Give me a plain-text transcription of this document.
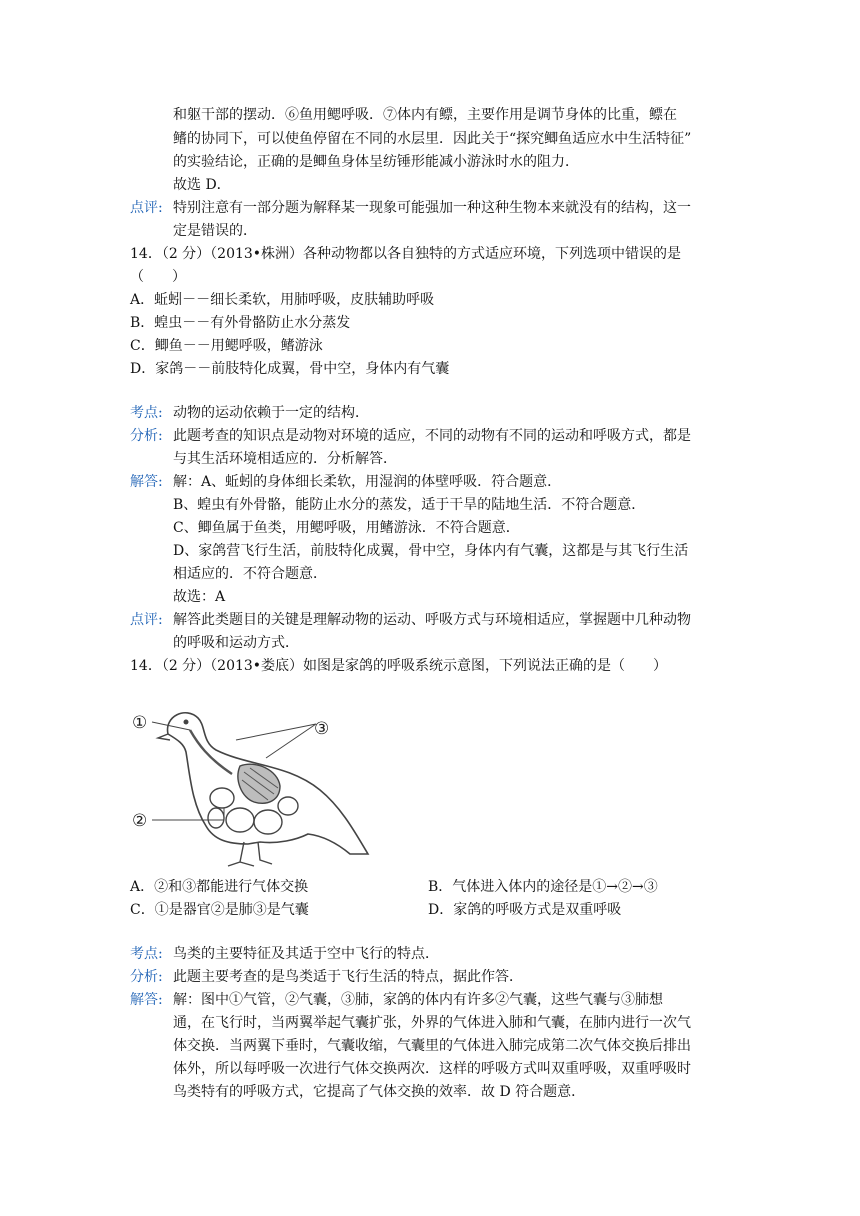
和躯干部的摆动．⑥鱼用鳃呼吸．⑦体内有鳔，主要作用是调节身体的比重，鳔在
鳍的协同下，可以使鱼停留在不同的水层里．因此关于“探究鲫鱼适应水中生活特征”
的实验结论，正确的是鲫鱼身体呈纺锤形能减小游泳时水的阻力．
故选 D．
点评: 特别注意有一部分题为解释某一现象可能强加一种这种生物本来就没有的结构，这一
定是错误的．
14．（2 分）（2013•株洲）各种动物都以各自独特的方式适应环境，下列选项中错误的是
（　　）
A．蚯蚓－－细长柔软，用肺呼吸，皮肤辅助呼吸
B．蝗虫－－有外骨骼防止水分蒸发
C．鲫鱼－－用鳃呼吸，鳍游泳
D．家鸽－－前肢特化成翼，骨中空，身体内有气囊
考点: 动物的运动依赖于一定的结构．
分析: 此题考查的知识点是动物对环境的适应，不同的动物有不同的运动和呼吸方式，都是
与其生活环境相适应的．分析解答．
解答: 解：A、蚯蚓的身体细长柔软，用湿润的体壁呼吸．符合题意．
B、蝗虫有外骨骼，能防止水分的蒸发，适于干旱的陆地生活．不符合题意．
C、鲫鱼属于鱼类，用鳃呼吸，用鳍游泳．不符合题意．
D、家鸽营飞行生活，前肢特化成翼，骨中空，身体内有气囊，这都是与其飞行生活
相适应的．不符合题意．
故选：A
点评: 解答此类题目的关键是理解动物的运动、呼吸方式与环境相适应，掌握题中几种动物
的呼吸和运动方式．
14．（2 分）（2013•娄底）如图是家鸽的呼吸系统示意图，下列说法正确的是（　　）
①
②
③
A．②和③都能进行气体交换	B．气体进入体内的途径是①→②→③
C．①是器官②是肺③是气囊	D．家鸽的呼吸方式是双重呼吸
考点: 鸟类的主要特征及其适于空中飞行的特点．
分析: 此题主要考查的是鸟类适于飞行生活的特点，据此作答．
解答: 解：图中①气管，②气囊，③肺，家鸽的体内有许多②气囊，这些气囊与③肺想
通，在飞行时，当两翼举起气囊扩张，外界的气体进入肺和气囊，在肺内进行一次气
体交换．当两翼下垂时，气囊收缩，气囊里的气体进入肺完成第二次气体交换后排出
体外，所以每呼吸一次进行气体交换两次．这样的呼吸方式叫双重呼吸，双重呼吸时
鸟类特有的呼吸方式，它提高了气体交换的效率．故 D 符合题意．
